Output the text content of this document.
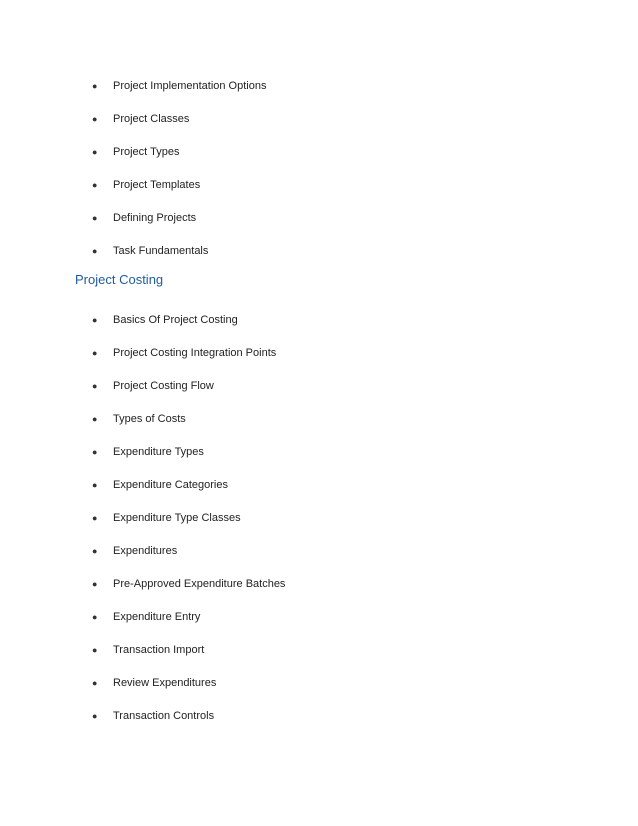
●	Project Implementation Options
●	Project Classes
●	Project Types
●	Project Templates
●	Defining Projects
●	Task Fundamentals
Project Costing
●	Basics Of Project Costing
●	Project Costing Integration Points
●	Project Costing Flow
●	Types of Costs
●	Expenditure Types
●	Expenditure Categories
●	Expenditure Type Classes
●	Expenditures
●	Pre-Approved Expenditure Batches
●	Expenditure Entry
●	Transaction Import
●	Review Expenditures
●	Transaction Controls
